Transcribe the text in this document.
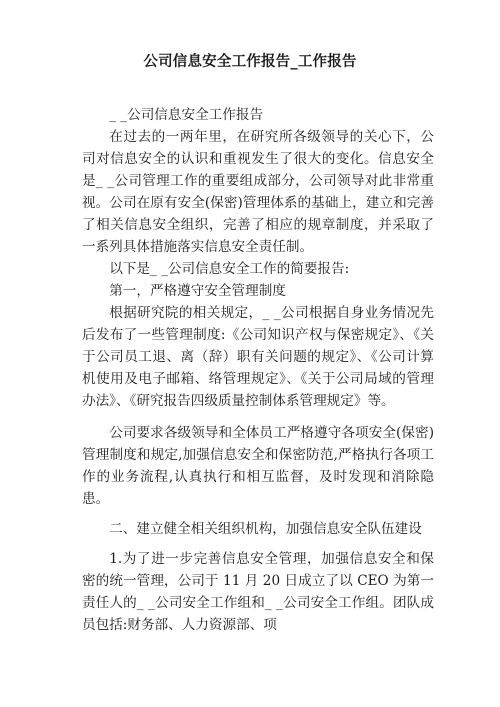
公司信息安全工作报告_工作报告

_ _公司信息安全工作报告

在过去的一两年里，在研究所各级领导的关心下，公司对信息安全的认识和重视发生了很大的变化。信息安全是_ _公司管理工作的重要组成部分，公司领导对此非常重视。公司在原有安全(保密)管理体系的基础上，建立和完善了相关信息安全组织，完善了相应的规章制度，并采取了一系列具体措施落实信息安全责任制。

以下是_ _公司信息安全工作的简要报告:

第一，严格遵守安全管理制度

根据研究院的相关规定，_ _公司根据自身业务情况先后发布了一些管理制度:《公司知识产权与保密规定》、《关于公司员工退、离（辞）职有关问题的规定》、《公司计算机使用及电子邮箱、络管理规定》、《关于公司局域的管理办法》、《研究报告四级质量控制体系管理规定》等。

公司要求各级领导和全体员工严格遵守各项安全(保密)管理制度和规定,加强信息安全和保密防范,严格执行各项工作的业务流程,认真执行和相互监督，及时发现和消除隐患。

二、建立健全相关组织机构，加强信息安全队伍建设

1.为了进一步完善信息安全管理，加强信息安全和保密的统一管理，公司于 11 月 20 日成立了以 CEO 为第一责任人的_ _公司安全工作组和_ _公司安全工作组。团队成员包括:财务部、人力资源部、项
